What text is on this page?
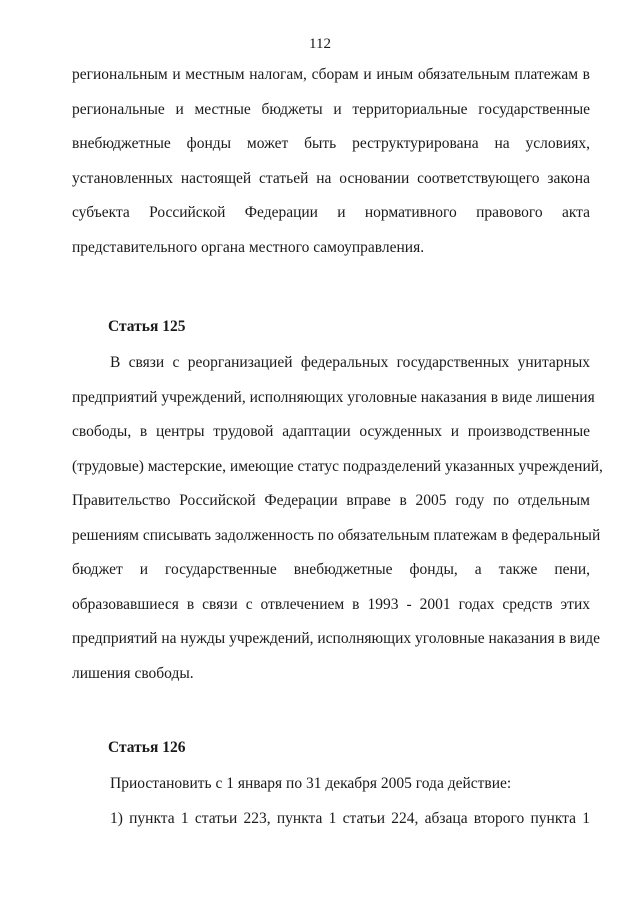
112
региональным и местным налогам, сборам и иным обязательным платежам в
региональные и местные бюджеты и территориальные государственные
внебюджетные фонды может быть реструктурирована на условиях,
установленных настоящей статьей на основании соответствующего закона
субъекта Российской Федерации и нормативного правового акта
представительного органа местного самоуправления.
Статья 125
В связи с реорганизацией федеральных государственных унитарных
предприятий учреждений, исполняющих уголовные наказания в виде лишения
свободы, в центры трудовой адаптации осужденных и производственные
(трудовые) мастерские, имеющие статус подразделений указанных учреждений,
Правительство Российской Федерации вправе в 2005 году по отдельным
решениям списывать задолженность по обязательным платежам в федеральный
бюджет и государственные внебюджетные фонды, а также пени,
образовавшиеся в связи с отвлечением в 1993 - 2001 годах средств этих
предприятий на нужды учреждений, исполняющих уголовные наказания в виде
лишения свободы.
Статья 126
Приостановить с 1 января по 31 декабря 2005 года действие:
1) пункта 1 статьи 223, пункта 1 статьи 224, абзаца второго пункта 1
